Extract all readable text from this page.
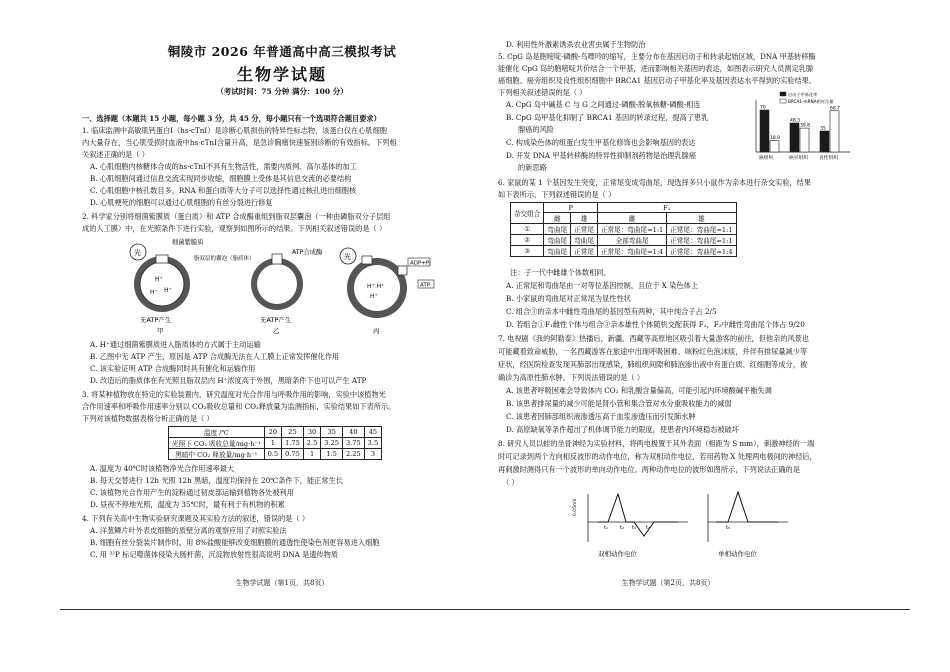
铜陵市 2026 年普通高中高三模拟考试
生物学试题
（考试时间：75 分钟 满分：100 分）
一、选择题（本题共 15 小题，每小题 3 分，共 45 分，每小题只有一个选项符合题目要求）
1. 临床监测中高敏肌钙蛋白Ⅰ（hs-cTnⅠ）是诊断心肌损伤的特异性标志物，该蛋白仅在心肌细胞
内大量存在，当心肌受损时血液中hs-cTnⅠ含量升高，是急诊胸痛快速鉴别诊断的有效指标。下列相
关叙述正确的是（ ）
A. 心肌细胞内核糖体合成的hs-cTnⅠ不具有生物活性，需要内质网、高尔基体的加工
B. 心肌细胞间通过信息交流实现同步收缩，细胞膜上受体是其信息交流的必要结构
C. 心肌细胞中核孔数目多，RNA 和蛋白质等大分子可以选择性通过核孔进出细胞核
D. 心肌梗死的细胞可以通过心肌细胞的有丝分裂进行修复
2. 科学家分别将细菌紫膜质（蛋白质）和 ATP 合成酶重组到脂双层囊泡（一种由磷脂双分子层组
成的人工膜）中，在光照条件下进行实验，观察到如图所示的结果。下列相关叙述错误的是（ ）
光
H⁺
H⁺
H⁺
细菌紫膜质
脂双层的囊泡（脂质体）
无ATP产生
甲
ATP合成酶
无ATP产生
乙
光
H⁺ H⁺
H⁺
ADP+Pi
ATP
丙
A. H⁺通过细菌紫膜质进入脂质体的方式属于主动运输
B. 乙图中无 ATP 产生，原因是 ATP 合成酶无法在人工膜上正常发挥催化作用
C. 该实验证明 ATP 合成酶同时具有催化和运输作用
D. 改造后的脂质体在有光照且脂双层内 H⁺浓度高于外围，黑暗条件下也可以产生 ATP
3. 将某种植物放在特定的实验装置内，研究温度对光合作用与呼吸作用的影响，实验中该植物光
合作用速率和呼吸作用速率分别以 CO₂吸收总量和 CO₂释放量为监测指标，实验结果如下表所示。
下列对该植物数据表格分析正确的是（ ）
温度 /℃	20	25	30	35	40	45
光照下 CO₂ 吸收总量/mg·h⁻¹	1	1.75	2.5	3.25	3.75	3.5
黑暗中 CO₂ 释放量/mg·h⁻¹	0.5	0.75	1	1.5	2.25	3
A. 温度为 40℃时该植物净光合作用速率最大
B. 每天交替进行 12h 光照 12h 黑暗，温度均保持在 20℃条件下，能正常生长
C. 该植物光合作用产生的淀粉通过韧皮部运输到植物各处被利用
D. 昼夜不停地光照，温度为 35℃时，最有利于有机物的积累
4. 下列有关高中生物实验研究课题及其实验方法的叙述，错误的是（ ）
A. 洋葱鳞片叶外表皮细胞的质壁分离的观察应用了对照实验法
B. 细胞有丝分裂装片制作时，用 8%盐酸能够改变细胞膜的通透性使染色剂更容易进入细胞
C. 用 ³²P 标记噬菌体侵染大肠杆菌，沉淀物放射性很高说明 DNA 是遗传物质
生物学试题（第1页，共8页）
D. 利用性外激素诱杀农业害虫属于生物防治
5. CpG 岛是胞嘧啶-磷酸-鸟嘌呤的缩写，主要分布在基因启动子和转录起始区域，DNA 甲基转移酶
能催化 CpG 岛的胞嘧啶共价结合一个甲基，进而影响相关基因的表达，如图表示研究人员测定乳腺
癌细胞、癌旁组织及良性组织细胞中 BRCA1 基因启动子甲基化率及基因表达水平得到的实验结果。
下列相关叙述错误的是（ ）
A. CpG 岛中碱基 C 与 G 之间通过-磷酸-脱氧核糖-磷酸-相连
B. CpG 岛甲基化抑制了 BRCA1 基因的转录过程，提高了患乳
腺癌的风险
C. 构成染色体的组蛋白发生甲基化修饰也会影响基因的表达
D. 开发 DNA 甲基转移酶的特异性抑制剂药物是治理乳腺癌
的新思路
启动子甲基化率
BRCA1-mRNA相对含量
70
18.9
癌组织
48.3
39.8
癌旁组织
35
68.7
良性组织
6. 家鼠的某 1 个基因发生突变，正常尾变成弯曲尾，现选择多只小鼠作为亲本进行杂交实验，结果
如下表所示，下列叙述错误的是（ ）
杂交组合	P		F₁	
	雌	雄	雌	雄
①	弯曲尾	正常尾	正常尾：弯曲尾=1:1	正常尾：弯曲尾=1:1
②	弯曲尾	弯曲尾	全部弯曲尾	正常尾：弯曲尾=1:1
③	弯曲尾	正常尾	正常尾：弯曲尾=1:4	正常尾：弯曲尾=1:4
注：子一代中雌雄个体数相同。
A. 正常尾和弯曲尾由一对等位基因控制，且位于 X 染色体上
B. 小家鼠的弯曲尾对正常尾为显性性状
C. 组合③的亲本中雌性弯曲尾的基因型有两种，其中纯合子占 2/5
D. 若组合①F₁雌性个体与组合③亲本雄性个体随机交配获得 F₂，F₂中雌性弯曲尾个体占 9/20
7. 电视剧《我的阿勒泰》热播后，新疆、西藏等高原地区吸引着大量游客的前往，但他亲的风景也
可能藏着致命威胁，一名西藏游客在旅途中出现呼吸困难、咳粉红色泡沫痰，并伴有排尿量减少等
症状，经医院检查发现其肺部出现感染，肺组织间隙和肺泡渗出液中有蛋白质、红细胞等成分，被
确诊为高原性肺水肿。下列说法错误的是（ ）
A. 该患者呼吸困难会导致体内 CO₂ 和乳酸含量偏高，可能引起内环境酸碱平衡失调
B. 该患者排尿量的减少可能是肾小管和集合管对水分重吸收能力的减弱
C. 该患者因肺部组织液渗透压高于血浆渗透压而引发肺水肿
D. 高原缺氧等条件超出了机体调节能力的限度，使患者内环境稳态被破坏
8. 研究人员以蛙的坐骨神经为实验材料，将两电极置于其外表面（相距为 S mm），刺激神经的一端
时可记录到两个方向相反波形的动作电位，称为双相动作电位，若用药物 X 处理两电极间的神经后，
再刺激时测得只有一个波形的单向动作电位。两种动作电位的波形如图所示，下列说法正确的是
（ ）
0.05mV
t₁ t₂ t₃ t₄
双相动作电位
t₅
单相动作电位
生物学试题（第2页，共8页）
